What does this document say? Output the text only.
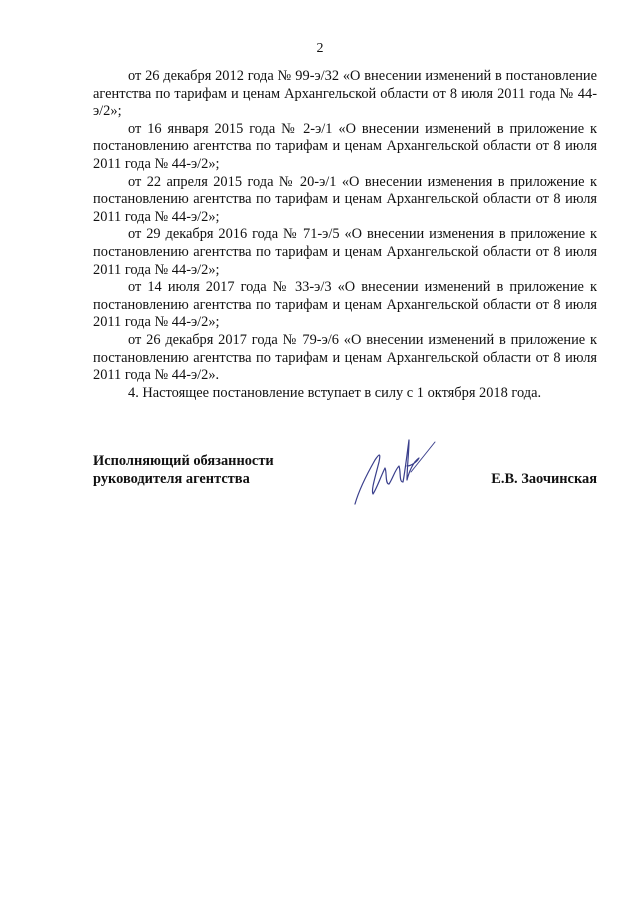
2

от 26 декабря 2012 года № 99-э/32 «О внесении изменений в постановление агентства по тарифам и ценам Архангельской области от 8 июля 2011 года № 44-э/2»;

от 16 января 2015 года № 2-э/1 «О внесении изменений в приложение к постановлению агентства по тарифам и ценам Архангельской области от 8 июля 2011 года № 44-э/2»;

от 22 апреля 2015 года № 20-э/1 «О внесении изменения в приложение к постановлению агентства по тарифам и ценам Архангельской области от 8 июля 2011 года № 44-э/2»;

от 29 декабря 2016 года № 71-э/5 «О внесении изменения в приложение к постановлению агентства по тарифам и ценам Архангельской области от 8 июля 2011 года № 44-э/2»;

от 14 июля 2017 года № 33-э/3 «О внесении изменений в приложение к постановлению агентства по тарифам и ценам Архангельской области от 8 июля 2011 года № 44-э/2»;

от 26 декабря 2017 года № 79-э/6 «О внесении изменений в приложение к постановлению агентства по тарифам и ценам Архангельской области от 8 июля 2011 года № 44-э/2».

4. Настоящее постановление вступает в силу с 1 октября 2018 года.

Исполняющий обязанности
руководителя агентства	Е.В. Заочинская
